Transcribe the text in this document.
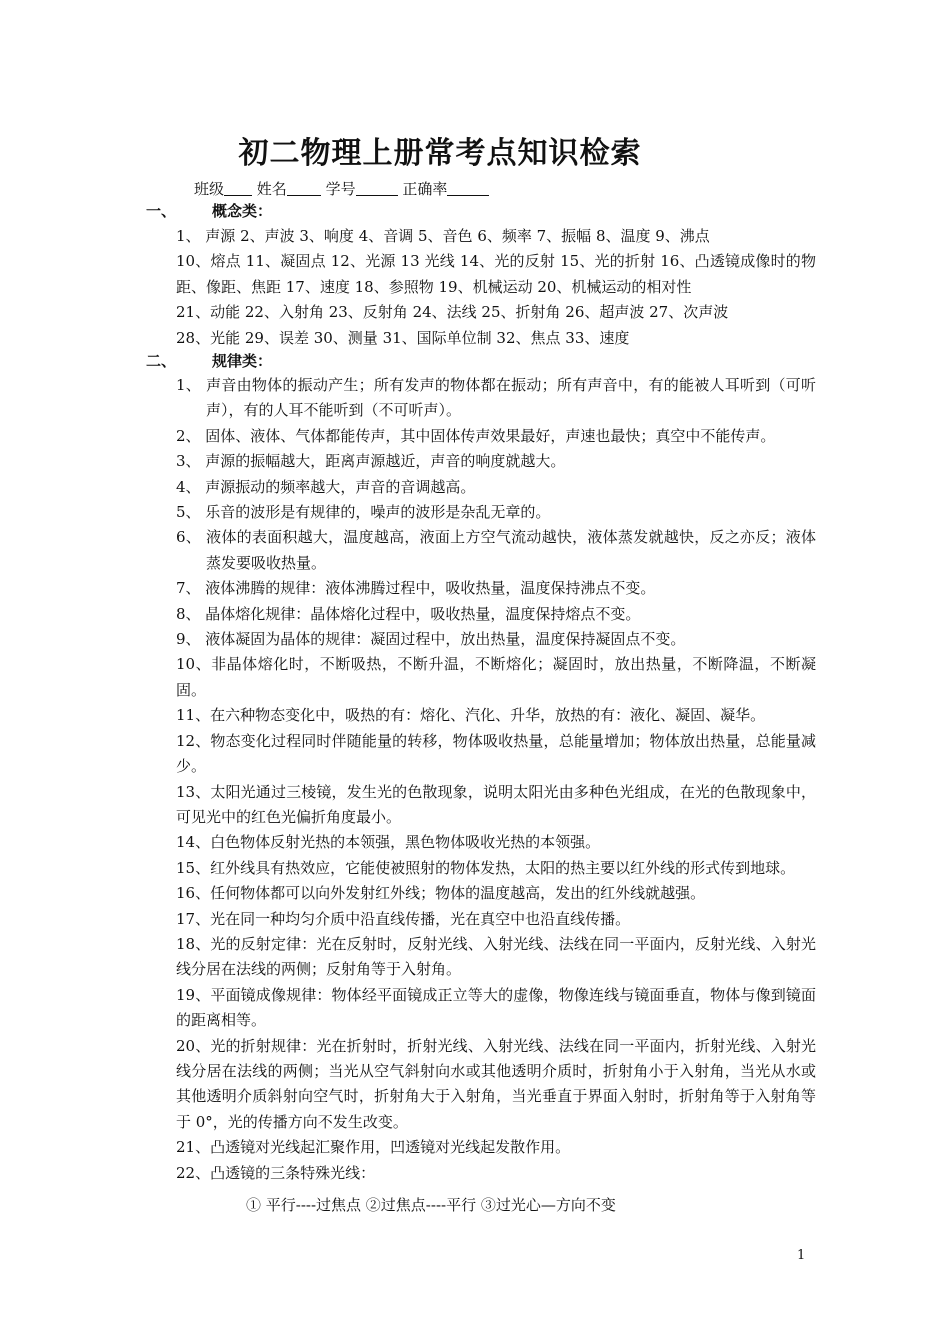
初二物理上册常考点知识检索
班级 姓名	学号	正确率
一、 概念类：
1、 声源 2、声波 3、响度 4、音调 5、音色 6、频率 7、振幅 8、温度 9、沸点
10、熔点 11、凝固点 12、光源 13 光线 14、光的反射 15、光的折射 16、凸透镜成像时的物距、像距、焦距 17、速度 18、参照物 19、机械运动 20、机械运动的相对性
21、动能 22、入射角 23、反射角 24、法线 25、折射角 26、超声波 27、次声波
28、光能 29、误差 30、测量 31、国际单位制 32、焦点 33、速度
二、 规律类：
1、 声音由物体的振动产生；所有发声的物体都在振动；所有声音中，有的能被人耳听到（可听声），有的人耳不能听到（不可听声）。
2、 固体、液体、气体都能传声，其中固体传声效果最好，声速也最快；真空中不能传声。
3、 声源的振幅越大，距离声源越近，声音的响度就越大。
4、 声源振动的频率越大，声音的音调越高。
5、 乐音的波形是有规律的，噪声的波形是杂乱无章的。
6、 液体的表面积越大，温度越高，液面上方空气流动越快，液体蒸发就越快，反之亦反；液体蒸发要吸收热量。
7、 液体沸腾的规律：液体沸腾过程中，吸收热量，温度保持沸点不变。
8、 晶体熔化规律：晶体熔化过程中，吸收热量，温度保持熔点不变。
9、 液体凝固为晶体的规律：凝固过程中，放出热量，温度保持凝固点不变。
10、非晶体熔化时，不断吸热，不断升温，不断熔化；凝固时，放出热量，不断降温，不断凝固。
11、在六种物态变化中，吸热的有：熔化、汽化、升华，放热的有：液化、凝固、凝华。
12、物态变化过程同时伴随能量的转移，物体吸收热量，总能量增加；物体放出热量，总能量减少。
13、太阳光通过三棱镜，发生光的色散现象，说明太阳光由多种色光组成，在光的色散现象中，可见光中的红色光偏折角度最小。
14、白色物体反射光热的本领强，黑色物体吸收光热的本领强。
15、红外线具有热效应，它能使被照射的物体发热，太阳的热主要以红外线的形式传到地球。
16、任何物体都可以向外发射红外线；物体的温度越高，发出的红外线就越强。
17、光在同一种均匀介质中沿直线传播，光在真空中也沿直线传播。
18、光的反射定律：光在反射时，反射光线、入射光线、法线在同一平面内，反射光线、入射光线分居在法线的两侧；反射角等于入射角。
19、平面镜成像规律：物体经平面镜成正立等大的虚像，物像连线与镜面垂直，物体与像到镜面的距离相等。
20、光的折射规律：光在折射时，折射光线、入射光线、法线在同一平面内，折射光线、入射光线分居在法线的两侧；当光从空气斜射向水或其他透明介质时，折射角小于入射角，当光从水或其他透明介质斜射向空气时，折射角大于入射角，当光垂直于界面入射时，折射角等于入射角等于 0°，光的传播方向不发生改变。
21、凸透镜对光线起汇聚作用，凹透镜对光线起发散作用。
22、凸透镜的三条特殊光线：
① 平行----过焦点 ②过焦点----平行 ③过光心—方向不变
1
